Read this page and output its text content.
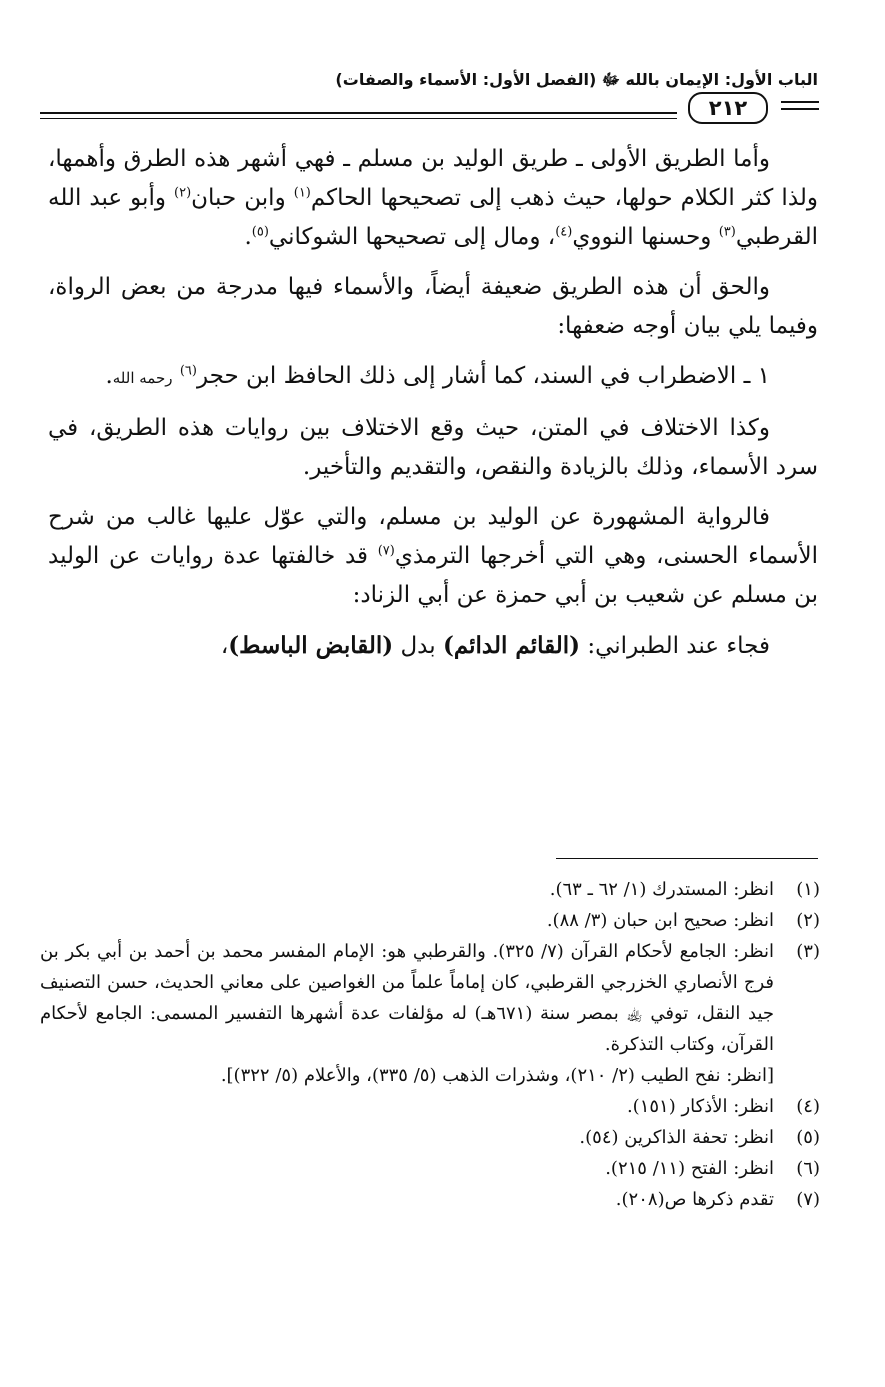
الباب الأول: الإيمان بالله ﷻ (الفصل الأول: الأسماء والصفات)
٢١٢

وأما الطريق الأولى ـ طريق الوليد بن مسلم ـ فهي أشهر هذه الطرق وأهمها، ولذا كثر الكلام حولها، حيث ذهب إلى تصحيحها الحاكم$^{(١)}$ وابن حبان$^{(٢)}$ وأبو عبد الله القرطبي$^{(٣)}$ وحسنها النووي$^{(٤)}$، ومال إلى تصحيحها الشوكاني$^{(٥)}$.

والحق أن هذه الطريق ضعيفة أيضاً، والأسماء فيها مدرجة من بعض الرواة، وفيما يلي بيان أوجه ضعفها:

١ ـ الاضطراب في السند، كما أشار إلى ذلك الحافظ ابن حجر$^{(٦)}$ رحمه الله.

وكذا الاختلاف في المتن، حيث وقع الاختلاف بين روايات هذه الطريق، في سرد الأسماء، وذلك بالزيادة والنقص، والتقديم والتأخير.

فالرواية المشهورة عن الوليد بن مسلم، والتي عوّل عليها غالب من شرح الأسماء الحسنى، وهي التي أخرجها الترمذي$^{(٧)}$ قد خالفتها عدة روايات عن الوليد بن مسلم عن شعيب بن أبي حمزة عن أبي الزناد:

فجاء عند الطبراني: (القائم الدائم) بدل (القابض الباسط)،

(١)

انظر: المستدرك (١/ ٦٢ ـ ٦٣).

(٢)

انظر: صحيح ابن حبان (٣/ ٨٨).

(٣)

انظر: الجامع لأحكام القرآن (٧/ ٣٢٥). والقرطبي هو: الإمام المفسر محمد بن أحمد بن أبي بكر بن فرج الأنصاري الخزرجي القرطبي، كان إماماً علماً من الغواصين على معاني الحديث، حسن التصنيف جيد النقل، توفي ﵀ بمصر سنة (٦٧١هـ) له مؤلفات عدة أشهرها التفسير المسمى: الجامع لأحكام القرآن، وكتاب التذكرة.

[انظر: نفح الطيب (٢/ ٢١٠)، وشذرات الذهب (٥/ ٣٣٥)، والأعلام (٥/ ٣٢٢)].

(٤)

انظر: الأذكار (١٥١).

(٥)

انظر: تحفة الذاكرين (٥٤).

(٦)

انظر: الفتح (١١/ ٢١٥).

(٧)

تقدم ذكرها ص(٢٠٨).
